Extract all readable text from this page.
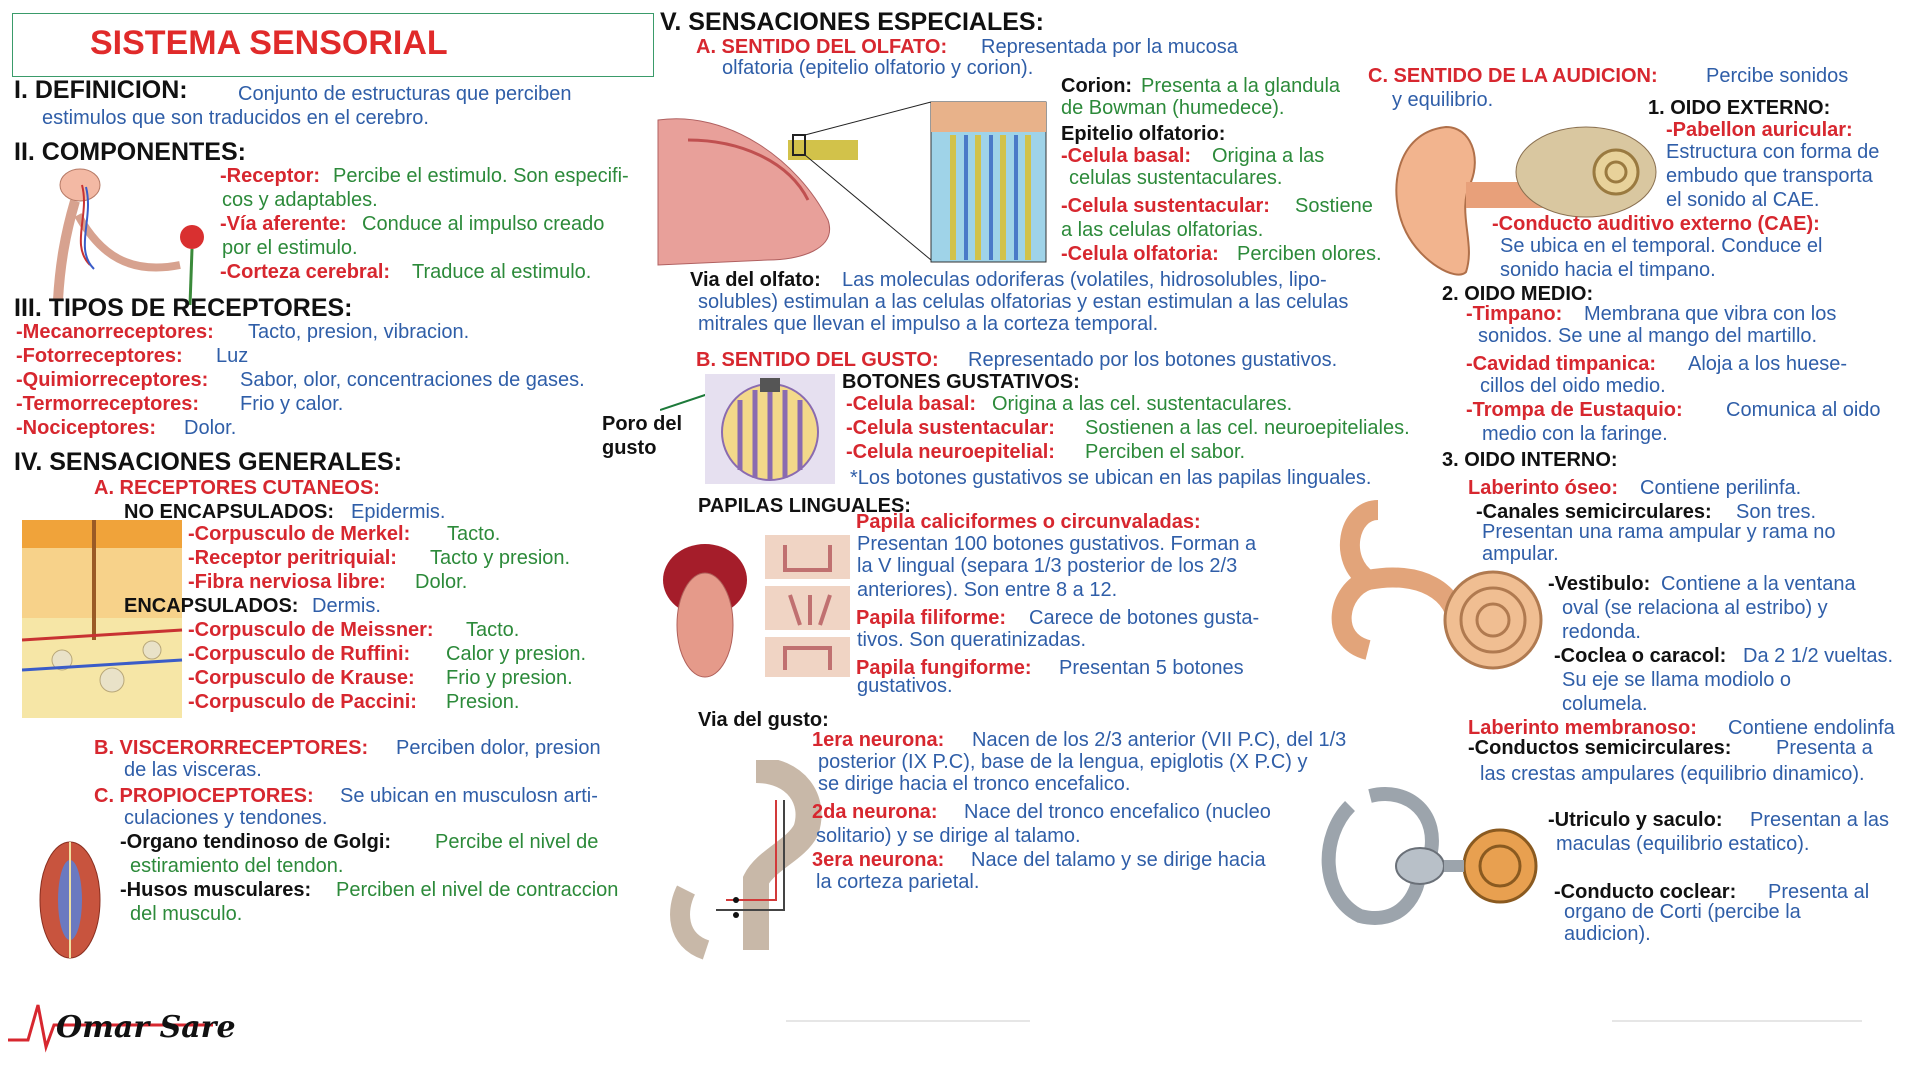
SISTEMA SENSORIAL
I. DEFINICION:	Conjunto de estructuras que perciben
estimulos que son traducidos en el cerebro.
II. COMPONENTES:
-Receptor: Percibe el estimulo. Son especifi-
cos y adaptables.
-Vía aferente: Conduce al impulso creado
por el estimulo.
-Corteza cerebral: Traduce al estimulo.
III. TIPOS DE RECEPTORES:
-Mecanorreceptores: Tacto, presion, vibracion.
-Fotorreceptores: Luz
-Quimiorreceptores: Sabor, olor, concentraciones de gases.
-Termorreceptores: Frio y calor.
-Nociceptores: Dolor.
IV. SENSACIONES GENERALES:
A. RECEPTORES CUTANEOS:
NO ENCAPSULADOS: Epidermis.
-Corpusculo de Merkel: Tacto.
-Receptor peritriquial: Tacto y presion.
-Fibra nerviosa libre: Dolor.
ENCAPSULADOS: Dermis.
-Corpusculo de Meissner: Tacto.
-Corpusculo de Ruffini: Calor y presion.
-Corpusculo de Krause: Frio y presion.
-Corpusculo de Paccini: Presion.
B. VISCERORRECEPTORES: Perciben dolor, presion
de las visceras.
C. PROPIOCEPTORES: Se ubican en musculosn arti-
culaciones y tendones.
-Organo tendinoso de Golgi: Percibe el nivel de
estiramiento del tendon.
-Husos musculares: Perciben el nivel de contraccion
del musculo.
Omar Sare
V. SENSACIONES ESPECIALES:
A. SENTIDO DEL OLFATO: Representada por la mucosa
olfatoria (epitelio olfatorio y corion).
Corion: Presenta a la glandula
de Bowman (humedece).
Epitelio olfatorio:
-Celula basal: Origina a las
celulas sustentaculares.
-Celula sustentacular: Sostiene
a las celulas olfatorias.
-Celula olfatoria: Perciben olores.
Via del olfato: Las moleculas odoriferas (volatiles, hidrosolubles, lipo-
solubles) estimulan a las celulas olfatorias y estan estimulan a las celulas
mitrales que llevan el impulso a la corteza temporal.
B. SENTIDO DEL GUSTO: Representado por los botones gustativos.
BOTONES GUSTATIVOS:
Poro del
gusto
-Celula basal: Origina a las cel. sustentaculares.
-Celula sustentacular: Sostienen a las cel. neuroepiteliales.
-Celula neuroepitelial: Perciben el sabor.
*Los botones gustativos se ubican en las papilas linguales.
PAPILAS LINGUALES:
Papila caliciformes o circunvaladas:
Presentan 100 botones gustativos. Forman a
la V lingual (separa 1/3 posterior de los 2/3
anteriores). Son entre 8 a 12.
Papila filiforme: Carece de botones gusta-
tivos. Son queratinizadas.
Papila fungiforme: Presentan 5 botones
gustativos.
Via del gusto:
1era neurona: Nacen de los 2/3 anterior (VII P.C), del 1/3
posterior (IX P.C), base de la lengua, epiglotis (X P.C) y
se dirige hacia el tronco encefalico.
2da neurona: Nace del tronco encefalico (nucleo
solitario) y se dirige al talamo.
3era neurona: Nace del talamo y se dirige hacia
la corteza parietal.
C. SENTIDO DE LA AUDICION: Percibe sonidos
y equilibrio.	1. OIDO EXTERNO:
-Pabellon auricular:
Estructura con forma de
embudo que transporta
el sonido al CAE.
-Conducto auditivo externo (CAE):
Se ubica en el temporal. Conduce el
sonido hacia el timpano.
2. OIDO MEDIO:
-Timpano: Membrana que vibra con los
sonidos. Se une al mango del martillo.
-Cavidad timpanica: Aloja a los huese-
cillos del oido medio.
-Trompa de Eustaquio: Comunica al oido
medio con la faringe.
3. OIDO INTERNO:
Laberinto óseo: Contiene perilinfa.
-Canales semicirculares: Son tres.
Presentan una rama ampular y rama no
ampular.
-Vestibulo: Contiene a la ventana
oval (se relaciona al estribo) y
redonda.
-Coclea o caracol: Da 2 1/2 vueltas.
Su eje se llama modiolo o
columela.
Laberinto membranoso: Contiene endolinfa
-Conductos semicirculares: Presenta a
las crestas ampulares (equilibrio dinamico).
-Utriculo y saculo: Presentan a las
maculas (equilibrio estatico).
-Conducto coclear: Presenta al
organo de Corti (percibe la
audicion).
